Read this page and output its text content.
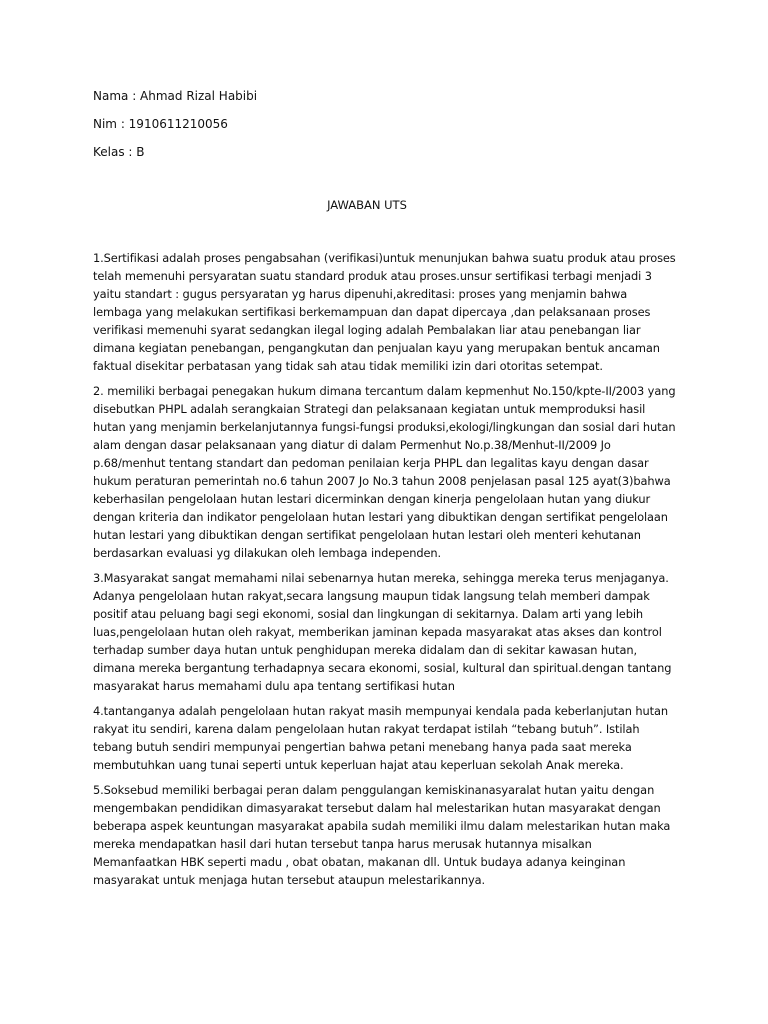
Nama : Ahmad Rizal Habibi
Nim : 1910611210056
Kelas : B
JAWABAN UTS

1.Sertifikasi adalah proses pengabsahan (verifikasi)untuk menunjukan bahwa suatu produk atau proses telah memenuhi persyaratan suatu standard produk atau proses.unsur sertifikasi terbagi menjadi 3 yaitu standart : gugus persyaratan yg harus dipenuhi,akreditasi: proses yang menjamin bahwa lembaga yang melakukan sertifikasi berkemampuan dan dapat dipercaya ,dan pelaksanaan proses verifikasi memenuhi syarat sedangkan ilegal loging adalah Pembalakan liar atau penebangan liar dimana kegiatan penebangan, pengangkutan dan penjualan kayu yang merupakan bentuk ancaman faktual disekitar perbatasan yang tidak sah atau tidak memiliki izin dari otoritas setempat.

2. memiliki berbagai penegakan hukum dimana tercantum dalam kepmenhut No.150/kpte-II/2003 yang disebutkan PHPL adalah serangkaian Strategi dan pelaksanaan kegiatan untuk memproduksi hasil hutan yang menjamin berkelanjutannya fungsi-fungsi produksi,ekologi/lingkungan dan sosial dari hutan alam dengan dasar pelaksanaan yang diatur di dalam Permenhut No.p.38/Menhut-II/2009 Jo p.68/menhut tentang standart dan pedoman penilaian kerja PHPL dan legalitas kayu dengan dasar hukum peraturan pemerintah no.6 tahun 2007 Jo No.3 tahun 2008 penjelasan pasal 125 ayat(3)bahwa keberhasilan pengelolaan hutan lestari dicerminkan dengan kinerja pengelolaan hutan yang diukur dengan kriteria dan indikator pengelolaan hutan lestari yang dibuktikan dengan sertifikat pengelolaan hutan lestari yang dibuktikan dengan sertifikat pengelolaan hutan lestari oleh menteri kehutanan berdasarkan evaluasi yg dilakukan oleh lembaga independen.

3.Masyarakat sangat memahami nilai sebenarnya hutan mereka, sehingga mereka terus menjaganya. Adanya pengelolaan hutan rakyat,secara langsung maupun tidak langsung telah memberi dampak positif atau peluang bagi segi ekonomi, sosial dan lingkungan di sekitarnya. Dalam arti yang lebih luas,pengelolaan hutan oleh rakyat, memberikan jaminan kepada masyarakat atas akses dan kontrol terhadap sumber daya hutan untuk penghidupan mereka didalam dan di sekitar kawasan hutan, dimana mereka bergantung terhadapnya secara ekonomi, sosial, kultural dan spiritual.dengan tantang masyarakat harus memahami dulu apa tentang sertifikasi hutan

4.tantanganya adalah pengelolaan hutan rakyat masih mempunyai kendala pada keberlanjutan hutan rakyat itu sendiri, karena dalam pengelolaan hutan rakyat terdapat istilah “tebang butuh”. Istilah tebang butuh sendiri mempunyai pengertian bahwa petani menebang hanya pada saat mereka membutuhkan uang tunai seperti untuk keperluan hajat atau keperluan sekolah Anak mereka.

5.Soksebud memiliki berbagai peran dalam penggulangan kemiskinanasyaralat hutan yaitu dengan mengembakan pendidikan dimasyarakat tersebut dalam hal melestarikan hutan masyarakat dengan beberapa aspek keuntungan masyarakat apabila sudah memiliki ilmu dalam melestarikan hutan maka mereka mendapatkan hasil dari hutan tersebut tanpa harus merusak hutannya misalkan Memanfaatkan HBK seperti madu , obat obatan, makanan dll. Untuk budaya adanya keinginan masyarakat untuk menjaga hutan tersebut ataupun melestarikannya.
